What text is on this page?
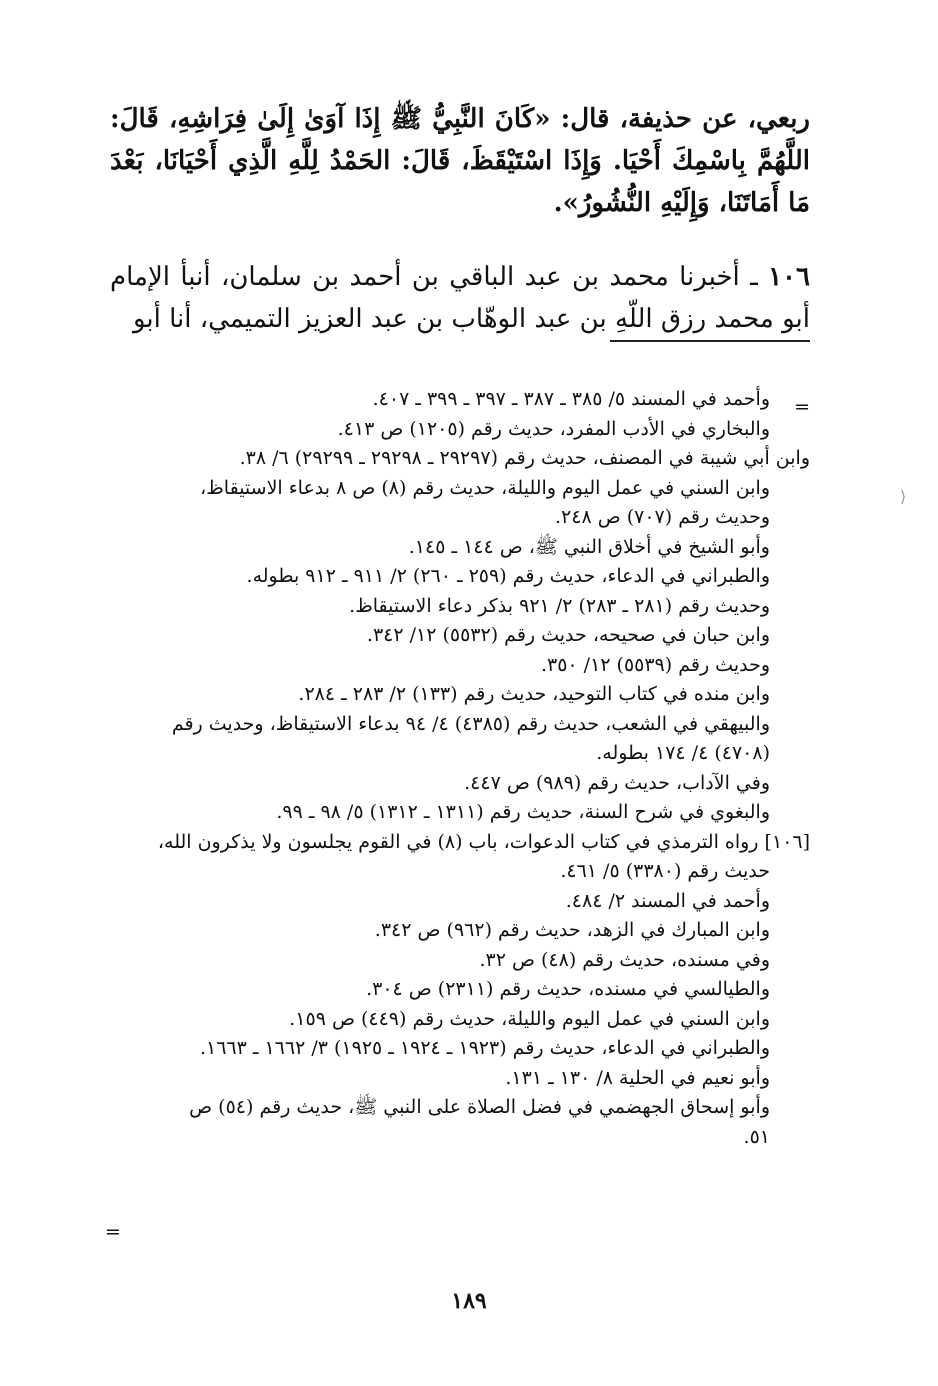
ربعي، عن حذيفة، قال: «كَانَ النَّبِيُّ ﷺ إِذَا آوَىٰ إِلَىٰ فِرَاشِهِ، قَالَ: اللَّهُمَّ بِاسْمِكَ أَحْيَا. وَإِذَا اسْتَيْقَظَ، قَالَ: الحَمْدُ لِلَّهِ الَّذِي أَحْيَانَا، بَعْدَ مَا أَمَاتَنَا، وَإِلَيْهِ النُّشُورُ».

١٠٦ ـ أخبرنا محمد بن عبد الباقي بن أحمد بن سلمان، أنبأ الإمام أبو محمد رزق اللّهِ بن عبد الوهّاب بن عبد العزيز التميمي، أنا أبو

وأحمد في المسند ٥/ ٣٨٥ ـ ٣٨٧ ـ ٣٩٧ ـ ٣٩٩ ـ ٤٠٧.
والبخاري في الأدب المفرد، حديث رقم (١٢٠٥) ص ٤١٣.
وابن أبي شيبة في المصنف، حديث رقم (٢٩٢٩٧ ـ ٢٩٢٩٨ ـ ٢٩٢٩٩) ٦/ ٣٨.
وابن السني في عمل اليوم والليلة، حديث رقم (٨) ص ٨ بدعاء الاستيقاظ،
وحديث رقم (٧٠٧) ص ٢٤٨.
وأبو الشيخ في أخلاق النبي ﷺ، ص ١٤٤ ـ ١٤٥.
والطبراني في الدعاء، حديث رقم (٢٥٩ ـ ٢٦٠) ٢/ ٩١١ ـ ٩١٢ بطوله.
وحديث رقم (٢٨١ ـ ٢٨٣) ٢/ ٩٢١ بذكر دعاء الاستيقاظ.
وابن حبان في صحيحه، حديث رقم (٥٥٣٢) ١٢/ ٣٤٢.
وحديث رقم (٥٥٣٩) ١٢/ ٣٥٠.
وابن منده في كتاب التوحيد، حديث رقم (١٣٣) ٢/ ٢٨٣ ـ ٢٨٤.
والبيهقي في الشعب، حديث رقم (٤٣٨٥) ٤/ ٩٤ بدعاء الاستيقاظ، وحديث رقم
(٤٧٠٨) ٤/ ١٧٤ بطوله.
وفي الآداب، حديث رقم (٩٨٩) ص ٤٤٧.
والبغوي في شرح السنة، حديث رقم (١٣١١ ـ ١٣١٢) ٥/ ٩٨ ـ ٩٩.
[١٠٦] رواه الترمذي في كتاب الدعوات، باب (٨) في القوم يجلسون ولا يذكرون الله،
حديث رقم (٣٣٨٠) ٥/ ٤٦١.
وأحمد في المسند ٢/ ٤٨٤.
وابن المبارك في الزهد، حديث رقم (٩٦٢) ص ٣٤٢.
وفي مسنده، حديث رقم (٤٨) ص ٣٢.
والطيالسي في مسنده، حديث رقم (٢٣١١) ص ٣٠٤.
وابن السني في عمل اليوم والليلة، حديث رقم (٤٤٩) ص ١٥٩.
والطبراني في الدعاء، حديث رقم (١٩٢٣ ـ ١٩٢٤ ـ ١٩٢٥) ٣/ ١٦٦٢ ـ ١٦٦٣.
وأبو نعيم في الحلية ٨/ ١٣٠ ـ ١٣١.
وأبو إسحاق الجهضمي في فضل الصلاة على النبي ﷺ، حديث رقم (٥٤) ص
٥١.
=
=
⟨
١٨٩
